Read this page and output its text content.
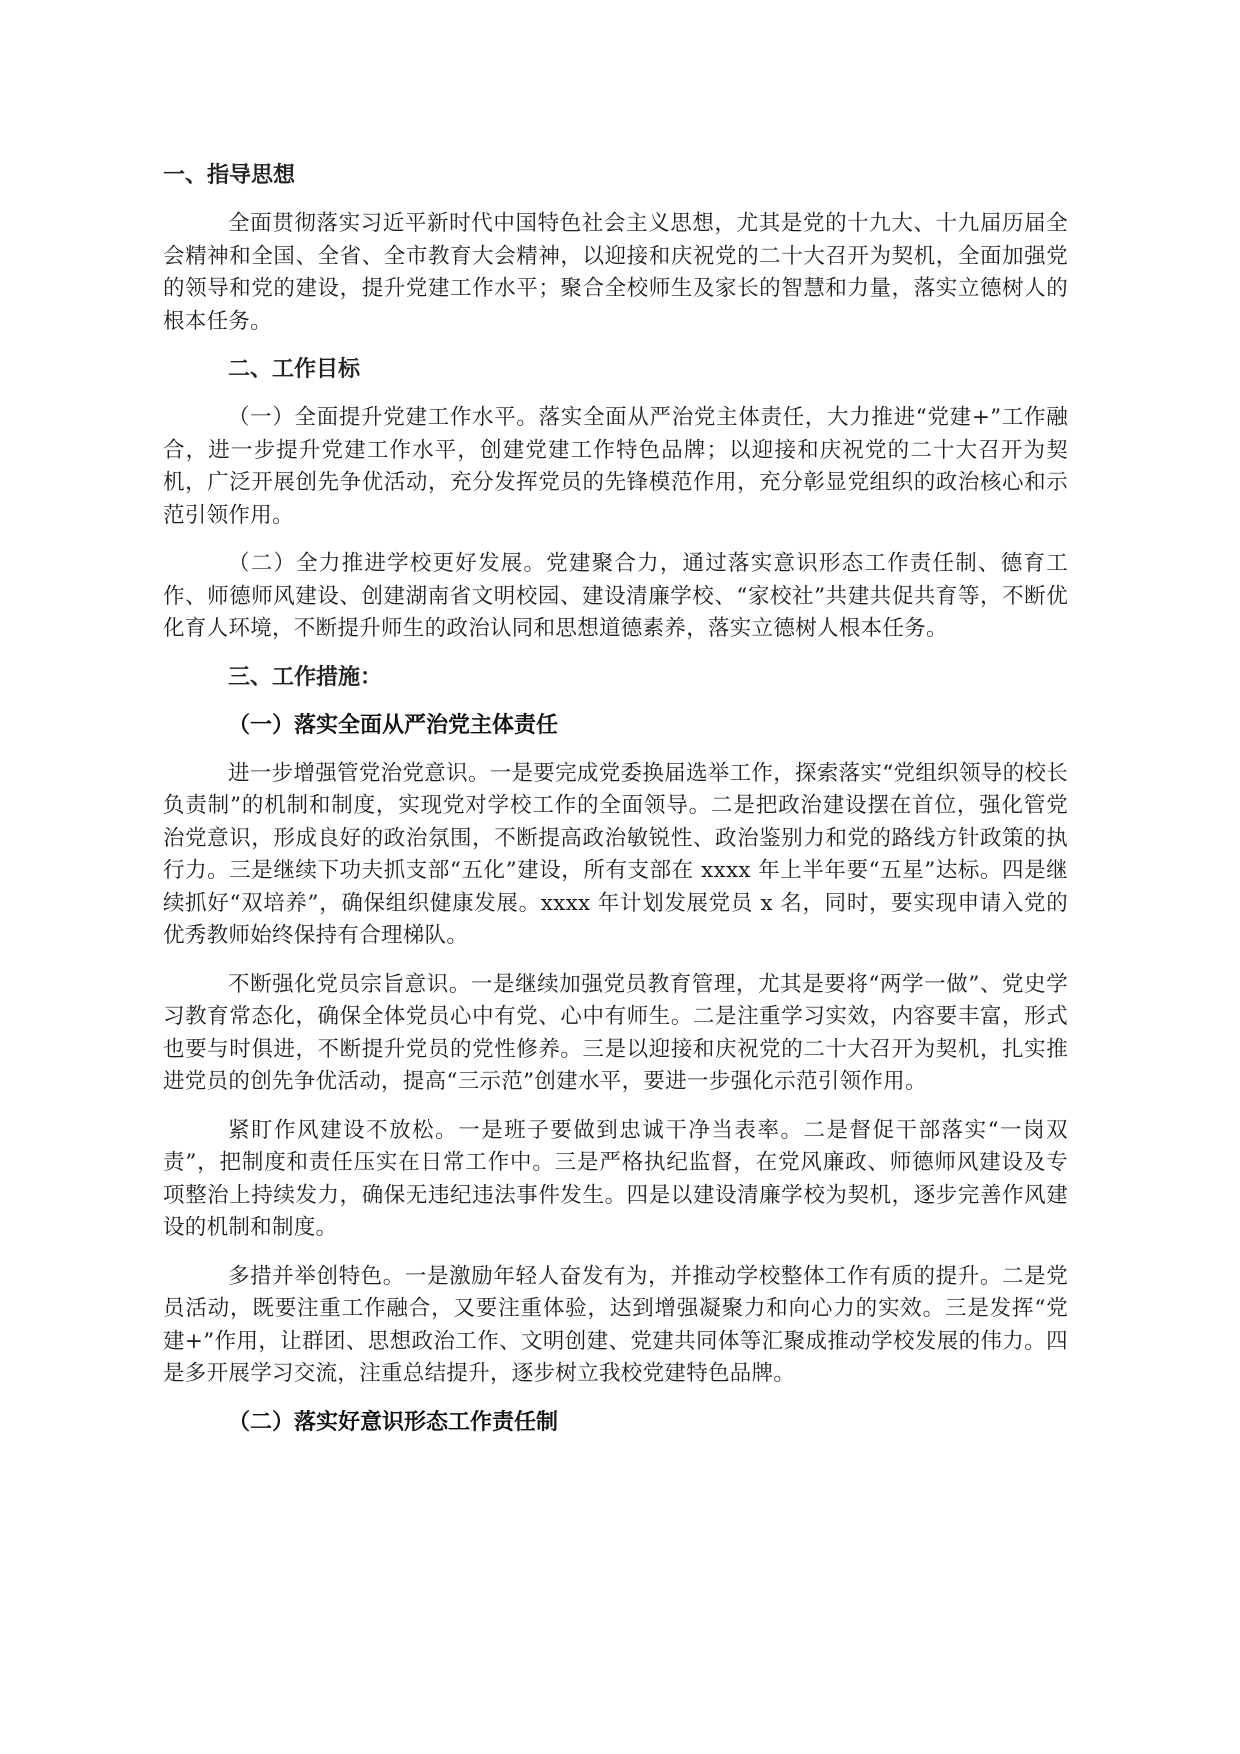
一、指导思想

全面贯彻落实习近平新时代中国特色社会主义思想，尤其是党的十九大、十九届历届全会精神和全国、全省、全市教育大会精神，以迎接和庆祝党的二十大召开为契机，全面加强党的领导和党的建设，提升党建工作水平；聚合全校师生及家长的智慧和力量，落实立德树人的根本任务。

二、工作目标

（一）全面提升党建工作水平。落实全面从严治党主体责任，大力推进“党建+”工作融合，进一步提升党建工作水平，创建党建工作特色品牌；以迎接和庆祝党的二十大召开为契机，广泛开展创先争优活动，充分发挥党员的先锋模范作用，充分彰显党组织的政治核心和示范引领作用。

（二）全力推进学校更好发展。党建聚合力，通过落实意识形态工作责任制、德育工作、师德师风建设、创建湖南省文明校园、建设清廉学校、“家校社”共建共促共育等，不断优化育人环境，不断提升师生的政治认同和思想道德素养，落实立德树人根本任务。

三、工作措施：
（一）落实全面从严治党主体责任

进一步增强管党治党意识。一是要完成党委换届选举工作，探索落实“党组织领导的校长负责制”的机制和制度，实现党对学校工作的全面领导。二是把政治建设摆在首位，强化管党治党意识，形成良好的政治氛围，不断提高政治敏锐性、政治鉴别力和党的路线方针政策的执行力。三是继续下功夫抓支部“五化”建设，所有支部在 xxxx 年上半年要“五星”达标。四是继续抓好“双培养”，确保组织健康发展。xxxx 年计划发展党员 x 名，同时，要实现申请入党的优秀教师始终保持有合理梯队。

不断强化党员宗旨意识。一是继续加强党员教育管理，尤其是要将“两学一做”、党史学习教育常态化，确保全体党员心中有党、心中有师生。二是注重学习实效，内容要丰富，形式也要与时俱进，不断提升党员的党性修养。三是以迎接和庆祝党的二十大召开为契机，扎实推进党员的创先争优活动，提高“三示范”创建水平，要进一步强化示范引领作用。

紧盯作风建设不放松。一是班子要做到忠诚干净当表率。二是督促干部落实“一岗双责”，把制度和责任压实在日常工作中。三是严格执纪监督，在党风廉政、师德师风建设及专项整治上持续发力，确保无违纪违法事件发生。四是以建设清廉学校为契机，逐步完善作风建设的机制和制度。

多措并举创特色。一是激励年轻人奋发有为，并推动学校整体工作有质的提升。二是党员活动，既要注重工作融合，又要注重体验，达到增强凝聚力和向心力的实效。三是发挥“党建+”作用，让群团、思想政治工作、文明创建、党建共同体等汇聚成推动学校发展的伟力。四是多开展学习交流，注重总结提升，逐步树立我校党建特色品牌。

（二）落实好意识形态工作责任制
